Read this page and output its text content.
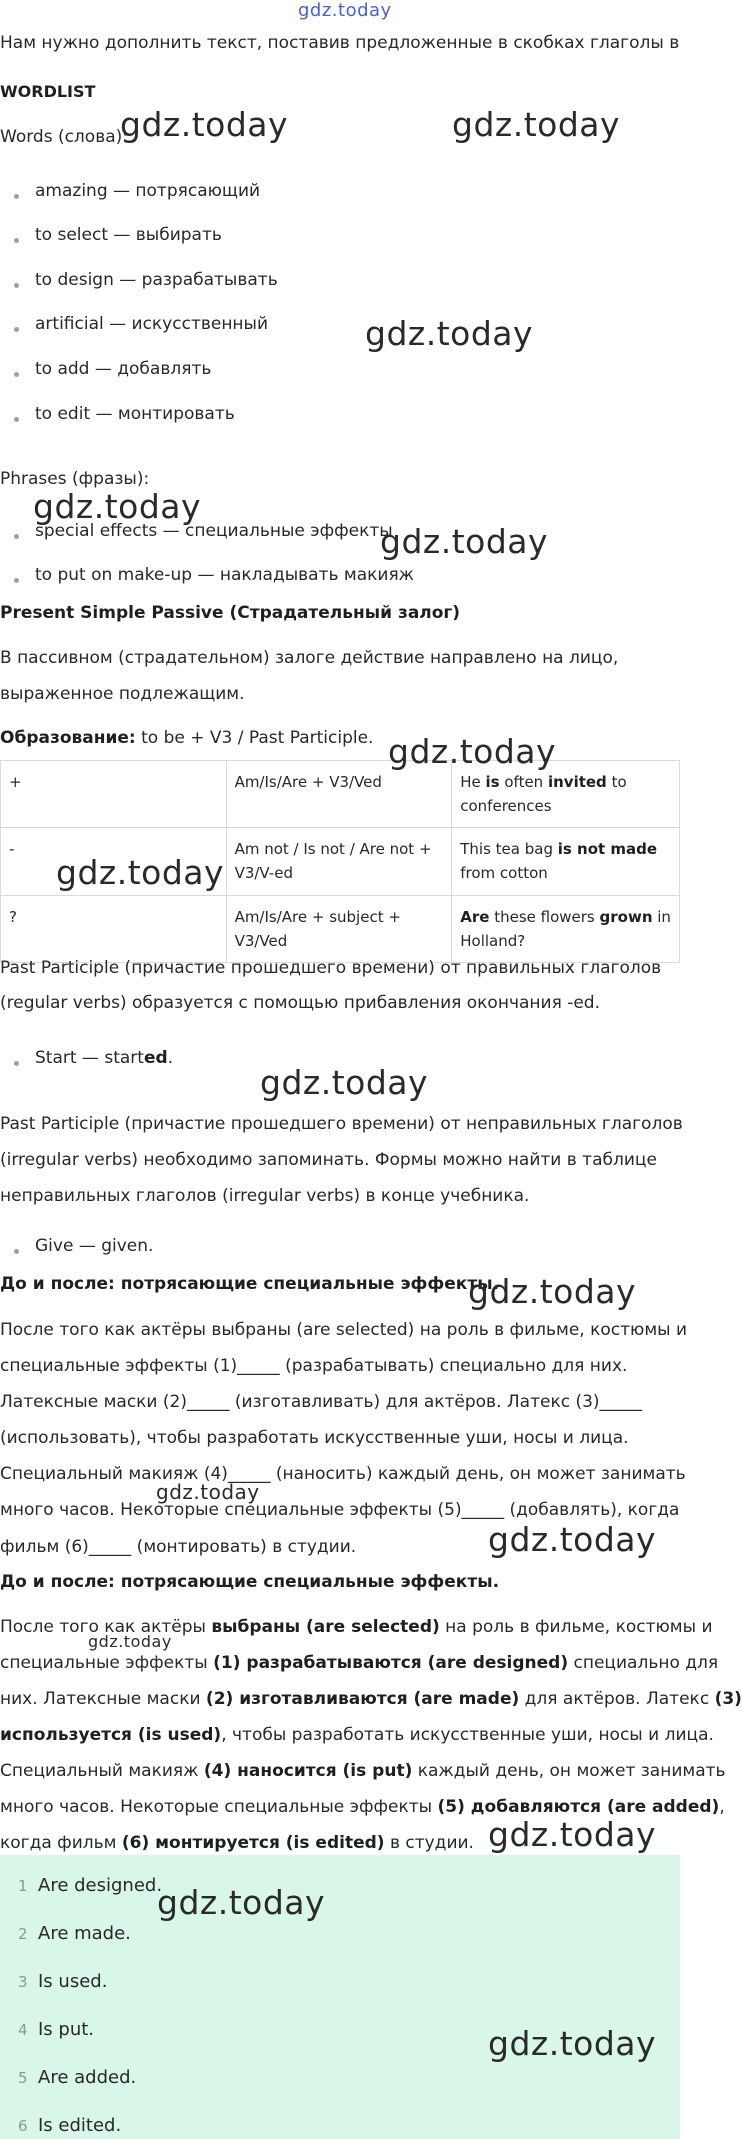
gdz.today
Нам нужно дополнить текст, поставив предложенные в скобках глаголы в
WORDLIST
Words (слова):
amazing — потрясающий
to select — выбирать
to design — разрабатывать
artificial — искусственный
to add — добавлять
to edit — монтировать
Phrases (фразы):
special effects — специальные эффекты
to put on make-up — накладывать макияж
Present Simple Passive (Страдательный залог)
В пассивном (страдательном) залоге действие направлено на лицо,
выраженное подлежащим.
Образование: to be + V3 / Past Participle.
+	Am/Is/Are + V3/Ved	He is often invited to conferences
-	Am not / Is not / Are not + V3/V-ed	This tea bag is not made from cotton
?	Am/Is/Are + subject + V3/Ved	Are these flowers grown in Holland?
Past Participle (причастие прошедшего времени) от правильных глаголов
(regular verbs) образуется с помощью прибавления окончания -ed.
Start — started.
Past Participle (причастие прошедшего времени) от неправильных глаголов
(irregular verbs) необходимо запоминать. Формы можно найти в таблице
неправильных глаголов (irregular verbs) в конце учебника.
Give — given.
До и после: потрясающие специальные эффекты.
После того как актёры выбраны (are selected) на роль в фильме, костюмы и
специальные эффекты (1)_____ (разрабатывать) специально для них.
Латексные маски (2)_____ (изготавливать) для актёров. Латекс (3)_____
(использовать), чтобы разработать искусственные уши, носы и лица.
Специальный макияж (4)_____ (наносить) каждый день, он может занимать
много часов. Некоторые специальные эффекты (5)_____ (добавлять), когда
фильм (6)_____ (монтировать) в студии.
До и после: потрясающие специальные эффекты.
После того как актёры выбраны (are selected) на роль в фильме, костюмы и
специальные эффекты (1) разрабатываются (are designed) специально для
них. Латексные маски (2) изготавливаются (are made) для актёров. Латекс (3)
используется (is used), чтобы разработать искусственные уши, носы и лица.
Специальный макияж (4) наносится (is put) каждый день, он может занимать
много часов. Некоторые специальные эффекты (5) добавляются (are added),
когда фильм (6) монтируется (is edited) в студии.
1 Are designed.
2 Are made.
3 Is used.
4 Is put.
5 Are added.
6 Is edited.
gdz.today	gdz.today
gdz.today
gdz.today
gdz.today
gdz.today
gdz.today
gdz.today
gdz.today
gdz.today
gdz.today
gdz.today
gdz.today
gdz.today
gdz.today
